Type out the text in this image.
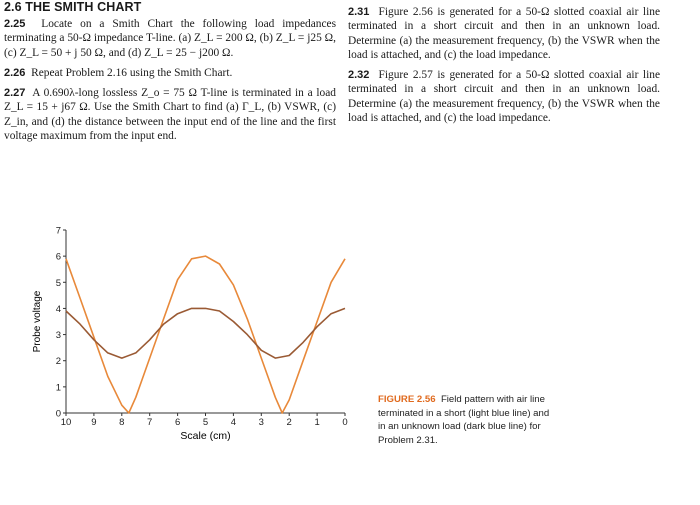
2.6 THE SMITH CHART

2.25 Locate on a Smith Chart the following load impedances terminating a 50-Ω impedance T-line. (a) Z_L = 200 Ω, (b) Z_L = j25 Ω, (c) Z_L = 50 + j 50 Ω, and (d) Z_L = 25 − j200 Ω.

2.26 Repeat Problem 2.16 using the Smith Chart.

2.27 A 0.690λ-long lossless Z_o = 75 Ω T-line is terminated in a load Z_L = 15 + j67 Ω. Use the Smith Chart to find (a) Γ_L, (b) VSWR, (c) Z_in, and (d) the distance between the input end of the line and the first voltage maximum from the input end.

2.31 Figure 2.56 is generated for a 50-Ω slotted coaxial air line terminated in a short circuit and then in an unknown load. Determine (a) the measurement frequency, (b) the VSWR when the load is attached, and (c) the load impedance.

2.32 Figure 2.57 is generated for a 50-Ω slotted coaxial air line terminated in a short circuit and then in an unknown load. Determine (a) the measurement frequency, (b) the VSWR when the load is attached, and (c) the load impedance.

0
1
2
3
4
5
6
7
10 9 8 7 6 5 4 3 2 1 0
Scale (cm)
Probe voltage
FIGURE 2.56 Field pattern with air line terminated in a short (light blue line) and in an unknown load (dark blue line) for Problem 2.31.
